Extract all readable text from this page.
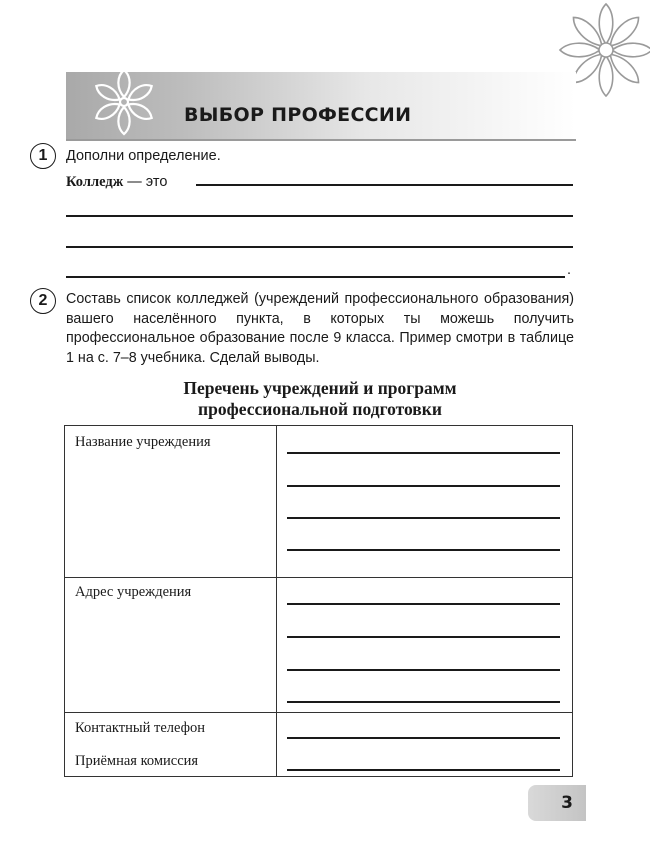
ВЫБОР ПРОФЕССИИ
1	Дополни определение.
Колледж — это
.
2	Составь список колледжей (учреждений профессионального образования) вашего населённого пункта, в которых ты можешь получить профессиональное образование после 9 класса. Пример смотри в таблице 1 на с. 7–8 учебника. Сделай выводы.
Перечень учреждений и программ
профессиональной подготовки
Название учреждения
Адрес учреждения
Контактный телефон
Приёмная комиссия
3
